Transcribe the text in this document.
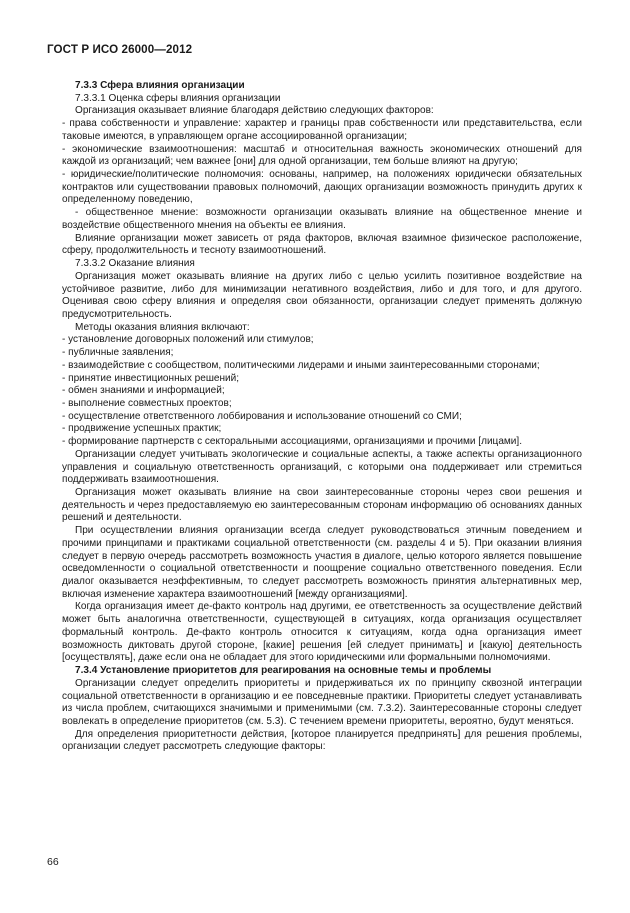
ГОСТ Р ИСО 26000—2012

7.3.3 Сфера влияния организации

7.3.3.1 Оценка сферы влияния организации

Организация оказывает влияние благодаря действию следующих факторов:

- права собственности и управление: характер и границы прав собственности или представительства, если таковые имеются, в управляющем органе ассоциированной организации;

- экономические взаимоотношения: масштаб и относительная важность экономических отношений для каждой из организаций; чем важнее [они] для одной организации, тем больше влияют на другую;

- юридические/политические полномочия: основаны, например, на положениях юридически обязательных контрактов или существовании правовых полномочий, дающих организации возможность принудить других к определенному поведению,

- общественное мнение: возможности организации оказывать влияние на общественное мнение и воздействие общественного мнения на объекты ее влияния.

Влияние организации может зависеть от ряда факторов, включая взаимное физическое расположение, сферу, продолжительность и тесноту взаимоотношений.

7.3.3.2 Оказание влияния

Организация может оказывать влияние на других либо с целью усилить позитивное воздействие на устойчивое развитие, либо для минимизации негативного воздействия, либо и для того, и для другого. Оценивая свою сферу влияния и определяя свои обязанности, организации следует применять должную предусмотрительность.

Методы оказания влияния включают:

- установление договорных положений или стимулов;

- публичные заявления;

- взаимодействие с сообществом, политическими лидерами и иными заинтересованными сторонами;

- принятие инвестиционных решений;

- обмен знаниями и информацией;

- выполнение совместных проектов;

- осуществление ответственного лоббирования и использование отношений со СМИ;

- продвижение успешных практик;

- формирование партнерств с секторальными ассоциациями, организациями и прочими [лицами].

Организации следует учитывать экологические и социальные аспекты, а также аспекты организационного управления и социальную ответственность организаций, с которыми она поддерживает или стремиться поддерживать взаимоотношения.

Организация может оказывать влияние на свои заинтересованные стороны через свои решения и деятельность и через предоставляемую ею заинтересованным сторонам информацию об основаниях данных решений и деятельности.

При осуществлении влияния организации всегда следует руководствоваться этичным поведением и прочими принципами и практиками социальной ответственности (см. разделы 4 и 5). При оказании влияния следует в первую очередь рассмотреть возможность участия в диалоге, целью которого является повышение осведомленности о социальной ответственности и поощрение социально ответственного поведения. Если диалог оказывается неэффективным, то следует рассмотреть возможность принятия альтернативных мер, включая изменение характера взаимоотношений [между организациями].

Когда организация имеет де-факто контроль над другими, ее ответственность за осуществление действий может быть аналогична ответственности, существующей в ситуациях, когда организация осуществляет формальный контроль. Де-факто контроль относится к ситуациям, когда одна организация имеет возможность диктовать другой стороне, [какие] решения [ей следует принимать] и [какую] деятельность [осуществлять], даже если она не обладает для этого юридическими или формальными полномочиями.

7.3.4 Установление приоритетов для реагирования на основные темы и проблемы

Организации следует определить приоритеты и придерживаться их по принципу сквозной интеграции социальной ответственности в организацию и ее повседневные практики. Приоритеты следует устанавливать из числа проблем, считающихся значимыми и применимыми (см. 7.3.2). Заинтересованные стороны следует вовлекать в определение приоритетов (см. 5.3). С течением времени приоритеты, вероятно, будут меняться.

Для определения приоритетности действия, [которое планируется предпринять] для решения проблемы, организации следует рассмотреть следующие факторы:

66
